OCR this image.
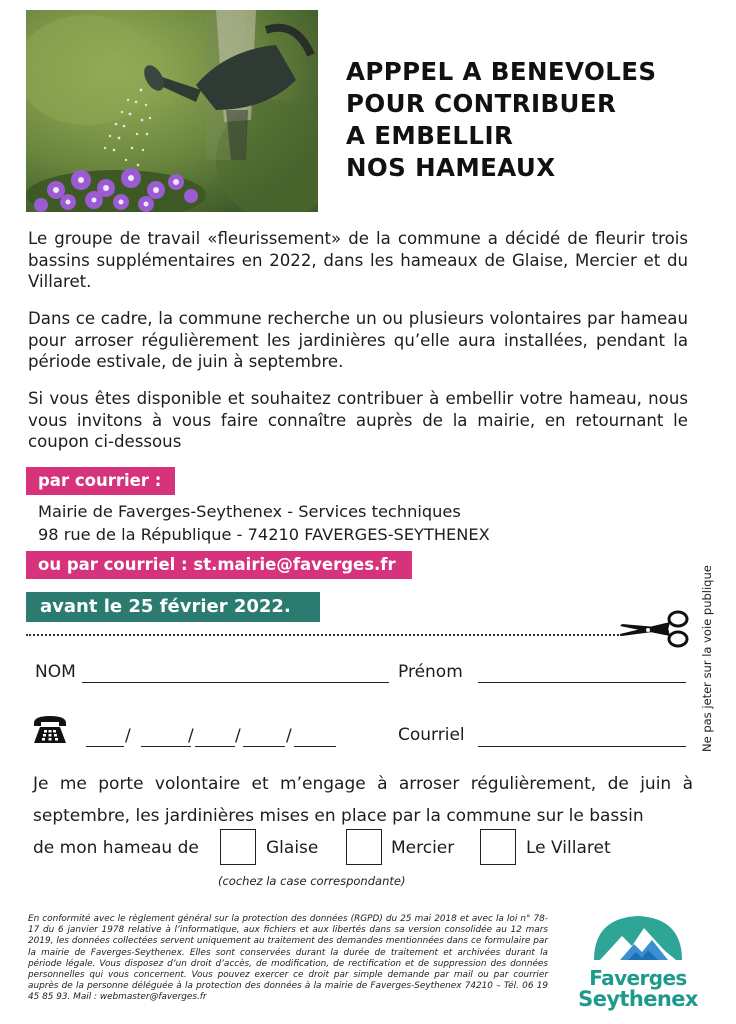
APPPEL A BENEVOLES
POUR CONTRIBUER
A EMBELLIR
NOS HAMEAUX

Le groupe de travail «fleurissement» de la commune a décidé de fleurir trois bassins supplémentaires en 2022, dans les hameaux de Glaise, Mercier et du Villaret.

Dans ce cadre, la commune recherche un ou plusieurs volontaires par hameau pour arroser régulièrement les jardinières qu’elle aura installées, pendant la période estivale, de juin à septembre.

Si vous êtes disponible et souhaitez contribuer à embellir votre hameau, nous vous invitons à vous faire connaître auprès de la mairie, en retournant le coupon ci-dessous

par courrier :
Mairie de Faverges-Seythenex - Services techniques
98 rue de la République - 74210 FAVERGES-SEYTHENEX
ou par courriel : st.mairie@faverges.fr
avant le 25 février 2022.	Ne pas jeter sur la voie publique
NOM	Prénom
/	/ /	/	Courriel

Je me porte volontaire et m’engage à arroser régulièrement, de juin à septembre, les jardinières mises en place par la commune sur le bassin

de mon hameau de	Glaise	Mercier	Le Villaret
(cochez la case correspondante)

En conformité avec le règlement général sur la protection des données (RGPD) du 25 mai 2018 et avec la loi n° 78-17 du 6 janvier 1978 relative à l’informatique, aux fichiers et aux libertés dans sa version consolidée au 12 mars 2019, les données collectées servent uniquement au traitement des demandes mentionnées dans ce formulaire par la mairie de Faverges-Seythenex. Elles sont conservées durant la durée de traitement et archivées durant la période légale. Vous disposez d’un droit d’accès, de modification, de rectification et de suppression des données personnelles qui vous concernent. Vous pouvez exercer ce droit par simple demande par mail ou par courrier auprès de la personne déléguée à la protection des données à la mairie de Faverges-Seythenex 74210 – Tél. 06 19 45 85 93. Mail : webmaster@faverges.fr

Faverges
Seythenex
